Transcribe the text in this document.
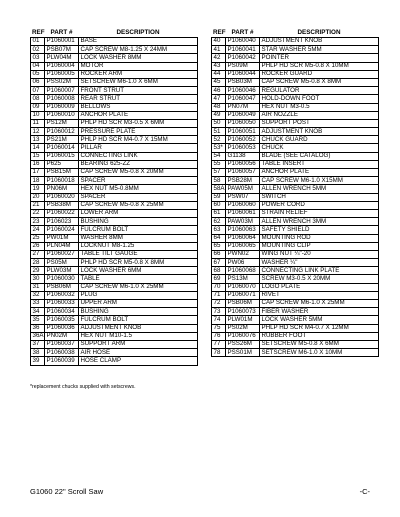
REF	PART #	DESCRIPTION
01	P1060001	BASE
02	PSB07M	CAP SCREW M8-1.25 X 24MM
03	PLW04M	LOCK WASHER 8MM
04	P1060004	MOTOR
05	P1060005	ROCKER ARM
06	PSS02M	SETSCREW M6-1.0 X 6MM
07	P1060007	FRONT STRUT
08	P1060008	REAR STRUT
09	P1060009	BELLOWS
10	P1060010	ANCHOR PLATE
11	PS12M	PHLP HD SCR M3-0.5 X 6MM
12	P1060012	PRESSURE PLATE
13	PS21M	PHLP HD SCR M4-0.7 X 15MM
14	P1060014	PILLAR
15	P1060015	CONNECTING LINK
16	P625	BEARING 625-ZZ
17	PSB15M	CAP SCREW M5-0.8 X 20MM
18	P1060018	SPACER
19	PN06M	HEX NUT M5-0.8MM
20	P1060020	SPACER
21	PSB38M	CAP SCREW M5-0.8 X 25MM
22	P1060022	LOWER ARM
23	P106023	BUSHING
24	P1060024	FULCRUM BOLT
25	PW01M	WASHER 8MM
26	PLN04M	LOCKNUT M8-1.25
27	P1060027	TABLE TILT GAUGE
28	PS05M	PHLP HD SCR M5-0.8 X 8MM
29	PLW03M	LOCK WASHER 6MM
30	P1060030	TABLE
31	PSB06M	CAP SCREW M6-1.0 X 25MM
32	P1060032	PLUG
33	P1060033	UPPER ARM
34	P1060034	BUSHING
35	P1060035	FULCRUM BOLT
36	P1060036	ADJUSTMENT KNOB
36A	PN02M	HEX NUT M10-1.5
37	P1060037	SUPPORT ARM
38	P1060038	AIR HOSE
39	P1060039	HOSE CLAMP
REF	PART #	DESCRIPTION
40	P1060040	ADJUSTMENT KNOB
41	P1060041	STAR WASHER 5MM
42	P1060042	POINTER
43	PS09M	PHLP HD SCR M5-0.8 X 10MM
44	P1060044	ROCKER GUARD
45	PSB03M	CAP SCREW M5-0.8 X 8MM
46	P1060046	REGULATOR
47	P1060047	HOLD-DOWN FOOT
48	PN07M	HEX NUT M3-0.5
49	P1060049	AIR NOZZLE
50	P1060050	SUPPORT POST
51	P1060051	ADJUSTMENT KNOB
52	P1060052	CHUCK GUARD
53*	P1060053	CHUCK
54	G1138	BLADE (SEE CATALOG)
55	P1060056	TABLE INSERT
57	P1060057	ANCHOR PLATE
58	PSB28M	CAP SCREW M6-1.0 X15MM
58A	PAW05M	ALLEN WRENCH 5MM
59	PSW07	SWITCH
60	P1060060	POWER CORD
61	P1060061	STRAIN RELIEF
62	PAW03M	ALLEN WRENCH 3MM
63	P1060063	SAFETY SHIELD
64	P1060064	MOUNTING ROD
65	P1060065	MOUNTING CLIP
66	PWN02	WING NUT ¼"-20
67	PW06	WASHER ¼"
68	P1060068	CONNECTING LINK PLATE
69	PS13M	SCREW M3-0.5 X 20MM
70	P1060070	LOGO PLATE
71	P1060071	RIVET
72	PSB06M	CAP SCREW M6-1.0 X 25MM
73	P1060073	FIBER WASHER
74	PLW01M	LOCK WASHER 5MM
75	PS02M	PHLP HD SCR M4-0.7 X 12MM
76	P1060076	RUBBER FOOT
77	PSS26M	SETSCREW M5-0.8 X 6MM
78	PSS01M	SETSCREW M6-1.0 X 10MM
*replacement chucks supplied with setscrews.
G1060 22" Scroll Saw	-C-
